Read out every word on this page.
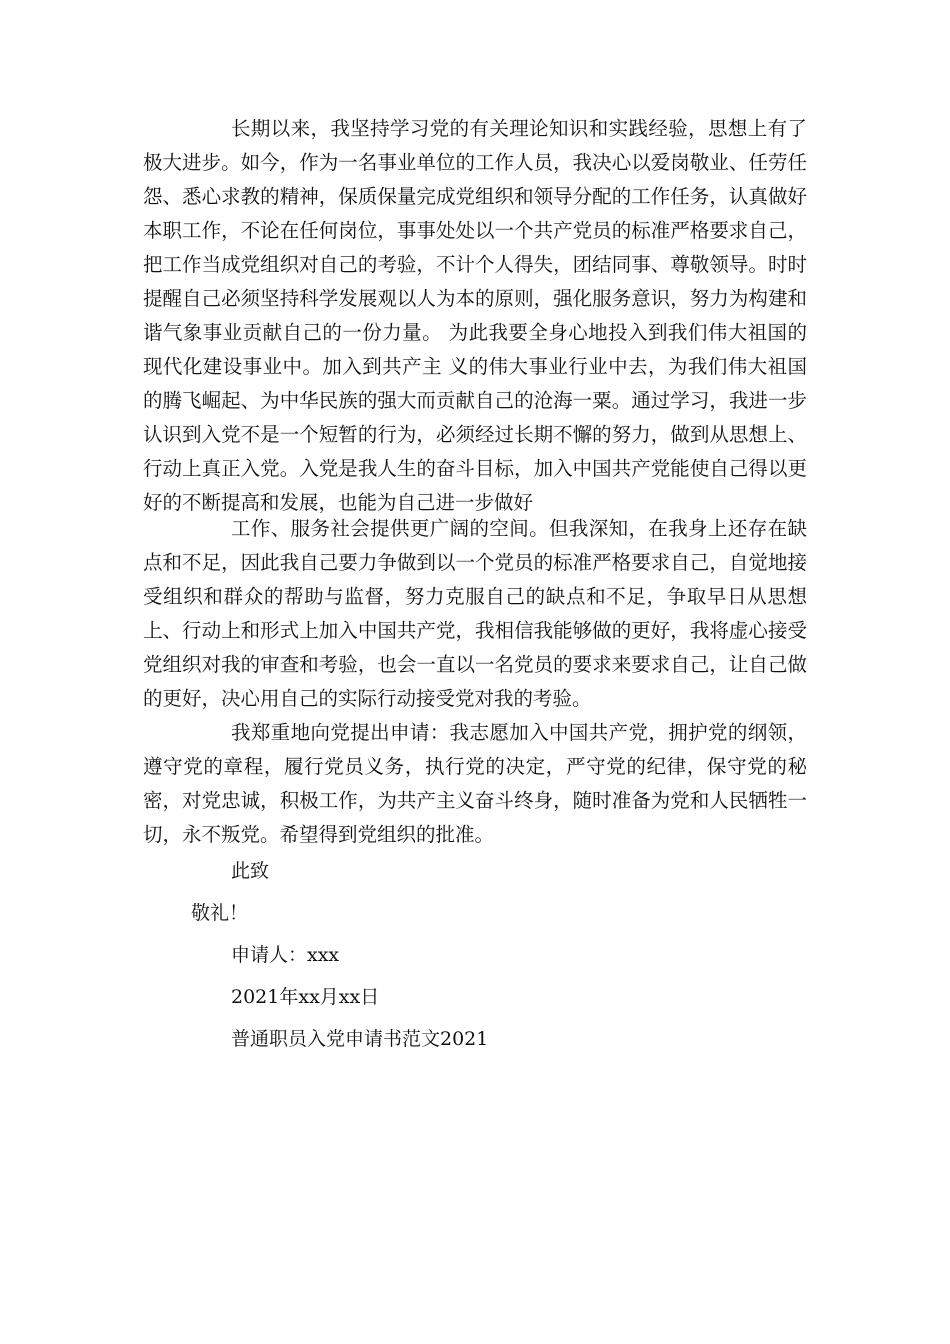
长期以来，我坚持学习党的有关理论知识和实践经验，思想上有了极大进步。如今，作为一名事业单位的工作人员，我决心以爱岗敬业、任劳任怨、悉心求教的精神，保质保量完成党组织和领导分配的工作任务，认真做好本职工作，不论在任何岗位，事事处处以一个共产党员的标准严格要求自己，把工作当成党组织对自己的考验，不计个人得失，团结同事、尊敬领导。时时提醒自己必须坚持科学发展观以人为本的原则，强化服务意识，努力为构建和谐气象事业贡献自己的一份力量。 为此我要全身心地投入到我们伟大祖国的现代化建设事业中。加入到共产主 义的伟大事业行业中去，为我们伟大祖国的腾飞崛起、为中华民族的强大而贡献自己的沧海一粟。通过学习，我进一步认识到入党不是一个短暂的行为，必须经过长期不懈的努力，做到从思想上、行动上真正入党。入党是我人生的奋斗目标，加入中国共产党能使自己得以更好的不断提高和发展，也能为自己进一步做好

工作、服务社会提供更广阔的空间。但我深知，在我身上还存在缺点和不足，因此我自己要力争做到以一个党员的标准严格要求自己，自觉地接受组织和群众的帮助与监督，努力克服自己的缺点和不足，争取早日从思想上、行动上和形式上加入中国共产党，我相信我能够做的更好，我将虚心接受党组织对我的审查和考验，也会一直以一名党员的要求来要求自己，让自己做的更好，决心用自己的实际行动接受党对我的考验。

我郑重地向党提出申请：我志愿加入中国共产党，拥护党的纲领，遵守党的章程，履行党员义务，执行党的决定，严守党的纪律，保守党的秘密，对党忠诚，积极工作，为共产主义奋斗终身，随时准备为党和人民牺牲一切，永不叛党。希望得到党组织的批准。

此致

敬礼！

申请人：xxx

2021年xx月xx日

普通职员入党申请书范文2021
